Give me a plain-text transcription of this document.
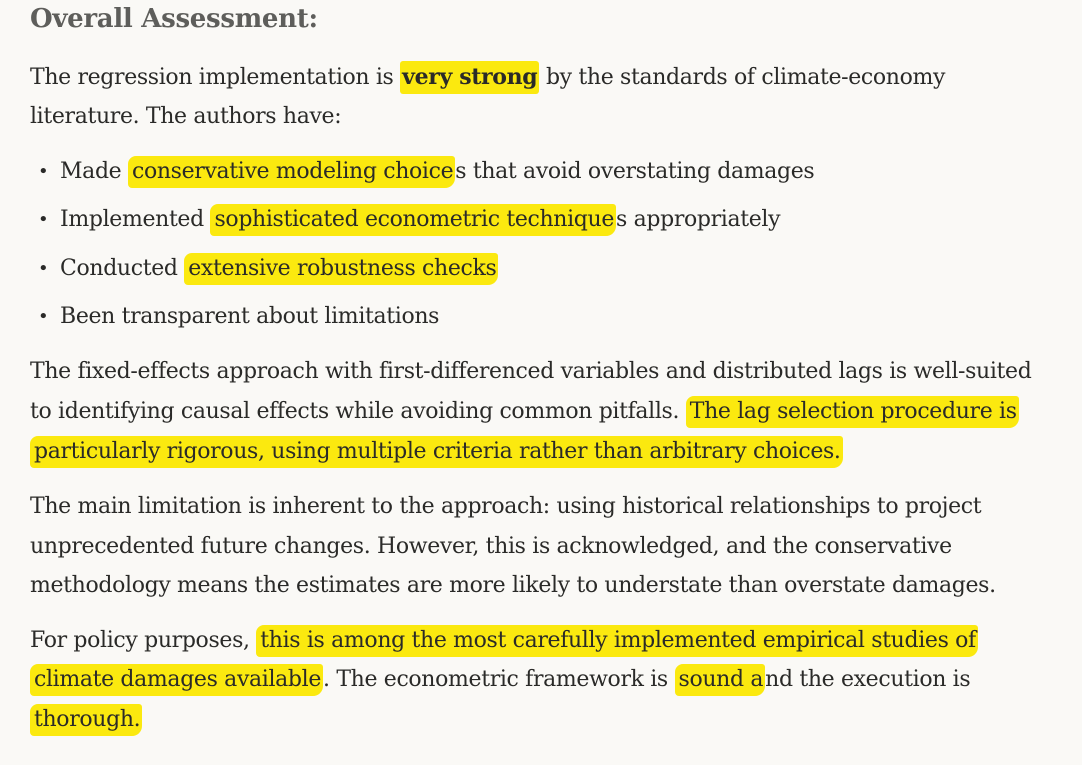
Overall Assessment:
The regression implementation is very strong by the standards of climate-economy
literature. The authors have:
• Made conservative modeling choices that avoid overstating damages
• Implemented sophisticated econometric techniques appropriately
• Conducted extensive robustness checks
• Been transparent about limitations
The fixed-effects approach with first-differenced variables and distributed lags is well-suited
to identifying causal effects while avoiding common pitfalls. The lag selection procedure is
particularly rigorous, using multiple criteria rather than arbitrary choices.
The main limitation is inherent to the approach: using historical relationships to project
unprecedented future changes. However, this is acknowledged, and the conservative
methodology means the estimates are more likely to understate than overstate damages.
For policy purposes, this is among the most carefully implemented empirical studies of
climate damages available. The econometric framework is sound and the execution is
thorough.
